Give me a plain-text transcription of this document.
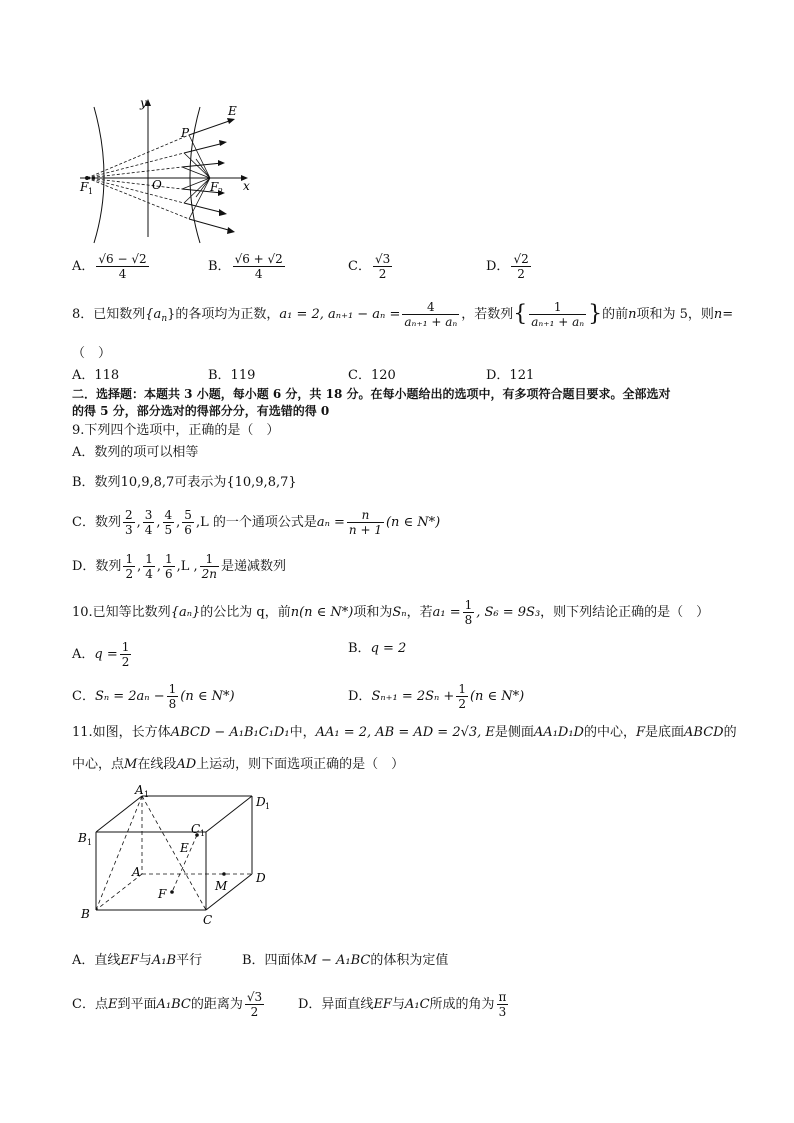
y
x
E
P
F 1	O	F 2
A． $\frac{√6 - √2}{4}$	B． $\frac{√6 + √2}{4}$	C． $\frac{√3}{2}$	D． $\frac{√2}{2}$
8．已知数列$\{a_n\}$的各项均为正数，a₁ = 2, $a_{n+1} - a_n = \frac{4}{\text{aₙ₊₁ + aₙ}}$ ，若数列{ $\frac{1}{\text{aₙ₊₁ + aₙ}}$ }的前n项和为 5，则n=
（　）
A．118	B．119	C．120	D．121
二．选择题：本题共 3 小题，每小题 6 分，共 18 分。在每小题给出的选项中，有多项符合题目要求。全部选对
的得 5 分，部分选对的得部分分，有选错的得 0
9.下列四个选项中，正确的是（　）
A．数列的项可以相等
B．数列10,9,8,7可表示为{10,9,8,7}
C．数列 $\frac{2}{3}$ , $\frac{3}{4}$ , $\frac{4}{5}$ , $\frac{5}{6} ,L$ 的一个通项公式是$a_n = \frac{n}{n + 1} (n$ ∈ N*)
D．数列 $\frac{1}{2}$ , $\frac{1}{4}$ , $\frac{1}{6} ,L$ , $\frac{1}{2n}$ 是递减数列
10.已知等比数列{aₙ}的公比为 q，前n(n ∈ N*)项和为Sₙ，若$a_1 = \frac{1}{8}$ , S₆ = 9S₃，则下列结论正确的是（　）
A．$q = \frac{1}{2}$	B．q = 2
C．$S_n = 2a_n - \frac{1}{8} (n$ ∈ N*)	D．$S_{n+1} = 2S_n + \frac{1}{2} (n$ ∈ N*)
11.如图，长方体ABCD − A₁B₁C₁D₁中，AA₁ = 2, AB = AD = 2√3, E是侧面AA₁D₁D的中心，F是底面ABCD的
中心，点M在线段AD上运动，则下面选项正确的是（　）
A 1
D 1
B 1
C 1
E
A
M
D
F
B	C
A．直线EF与A₁B平行	B．四面体M − A₁BC的体积为定值
C．点E到平面A₁BC的距离为 $\frac{√3}{2}$	D．异面直线EF与A₁C所成的角为 $\frac{\pi}{3}$
